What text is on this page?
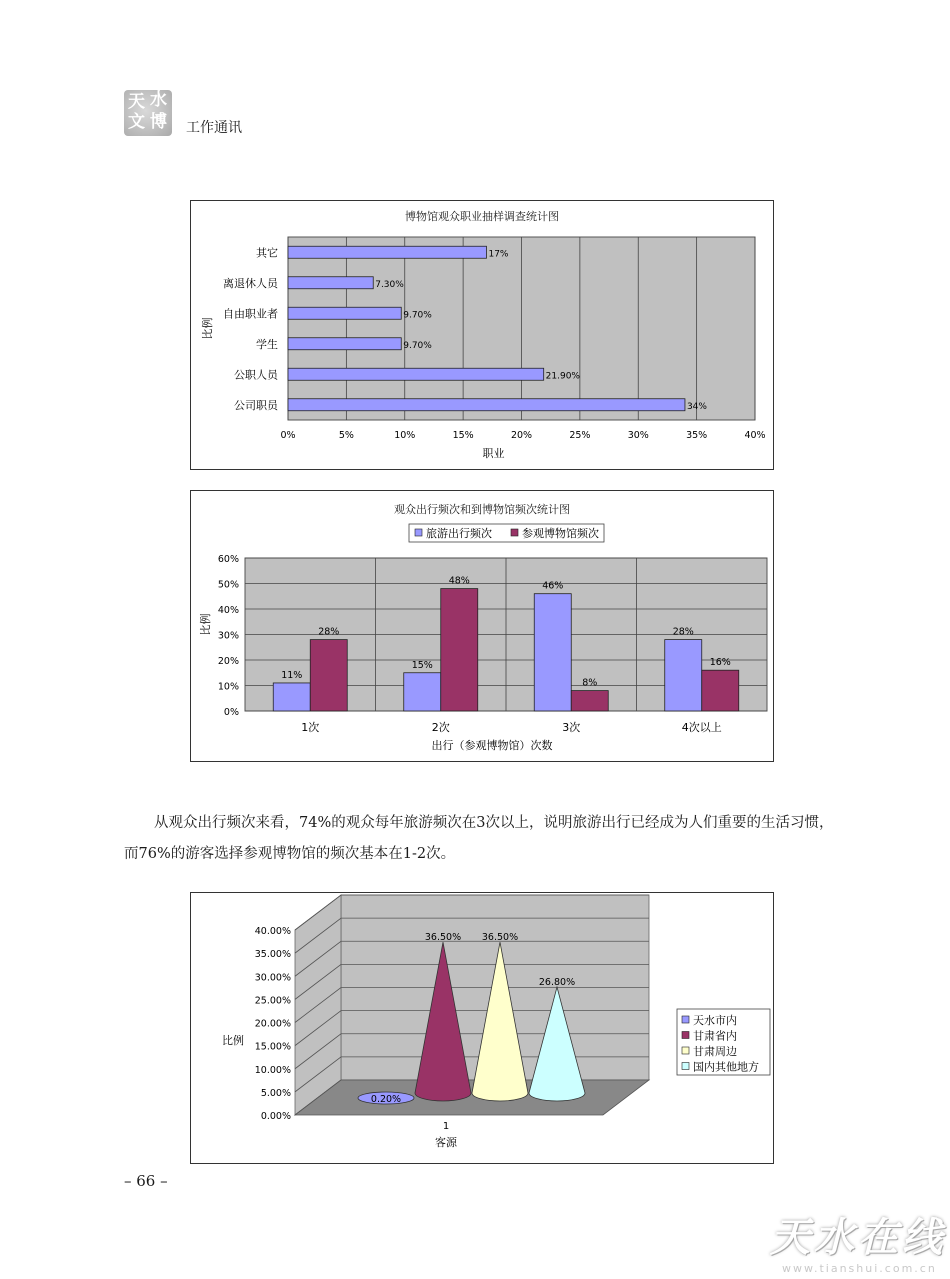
天 水
文 博 工作通讯
博物馆观众职业抽样调查统计图
0%	5%	10%	15%	20%	25%	30%	35%	40%
其它	17%
离退休人员	7.30%
自由职业者	9.70%
学生	9.70%
公职人员	21.90%
公司职员	34%
职业
比例
观众出行频次和到博物馆频次统计图
0%
10%
20%
30%
40%
50%
60%
11%
28%
1次
15%
48%
2次
46%
8%
3次
28%
16%
4次以上
出行（参观博物馆）次数
比例
旅游出行频次	参观博物馆频次

从观众出行频次来看，74%的观众每年旅游频次在3次以上，说明旅游出行已经成为人们重要的生活习惯，而76%的游客选择参观博物馆的频次基本在1-2次。

0.00%
5.00%
10.00%
15.00%
20.00%
25.00%
30.00%
35.00%
40.00%
0.20%
36.50% 36.50%
26.80%
1
客源
比例
天水市内
甘肃省内
甘肃周边
国内其他地方
– 66 –
天水在线
www.tianshui.com.cn
